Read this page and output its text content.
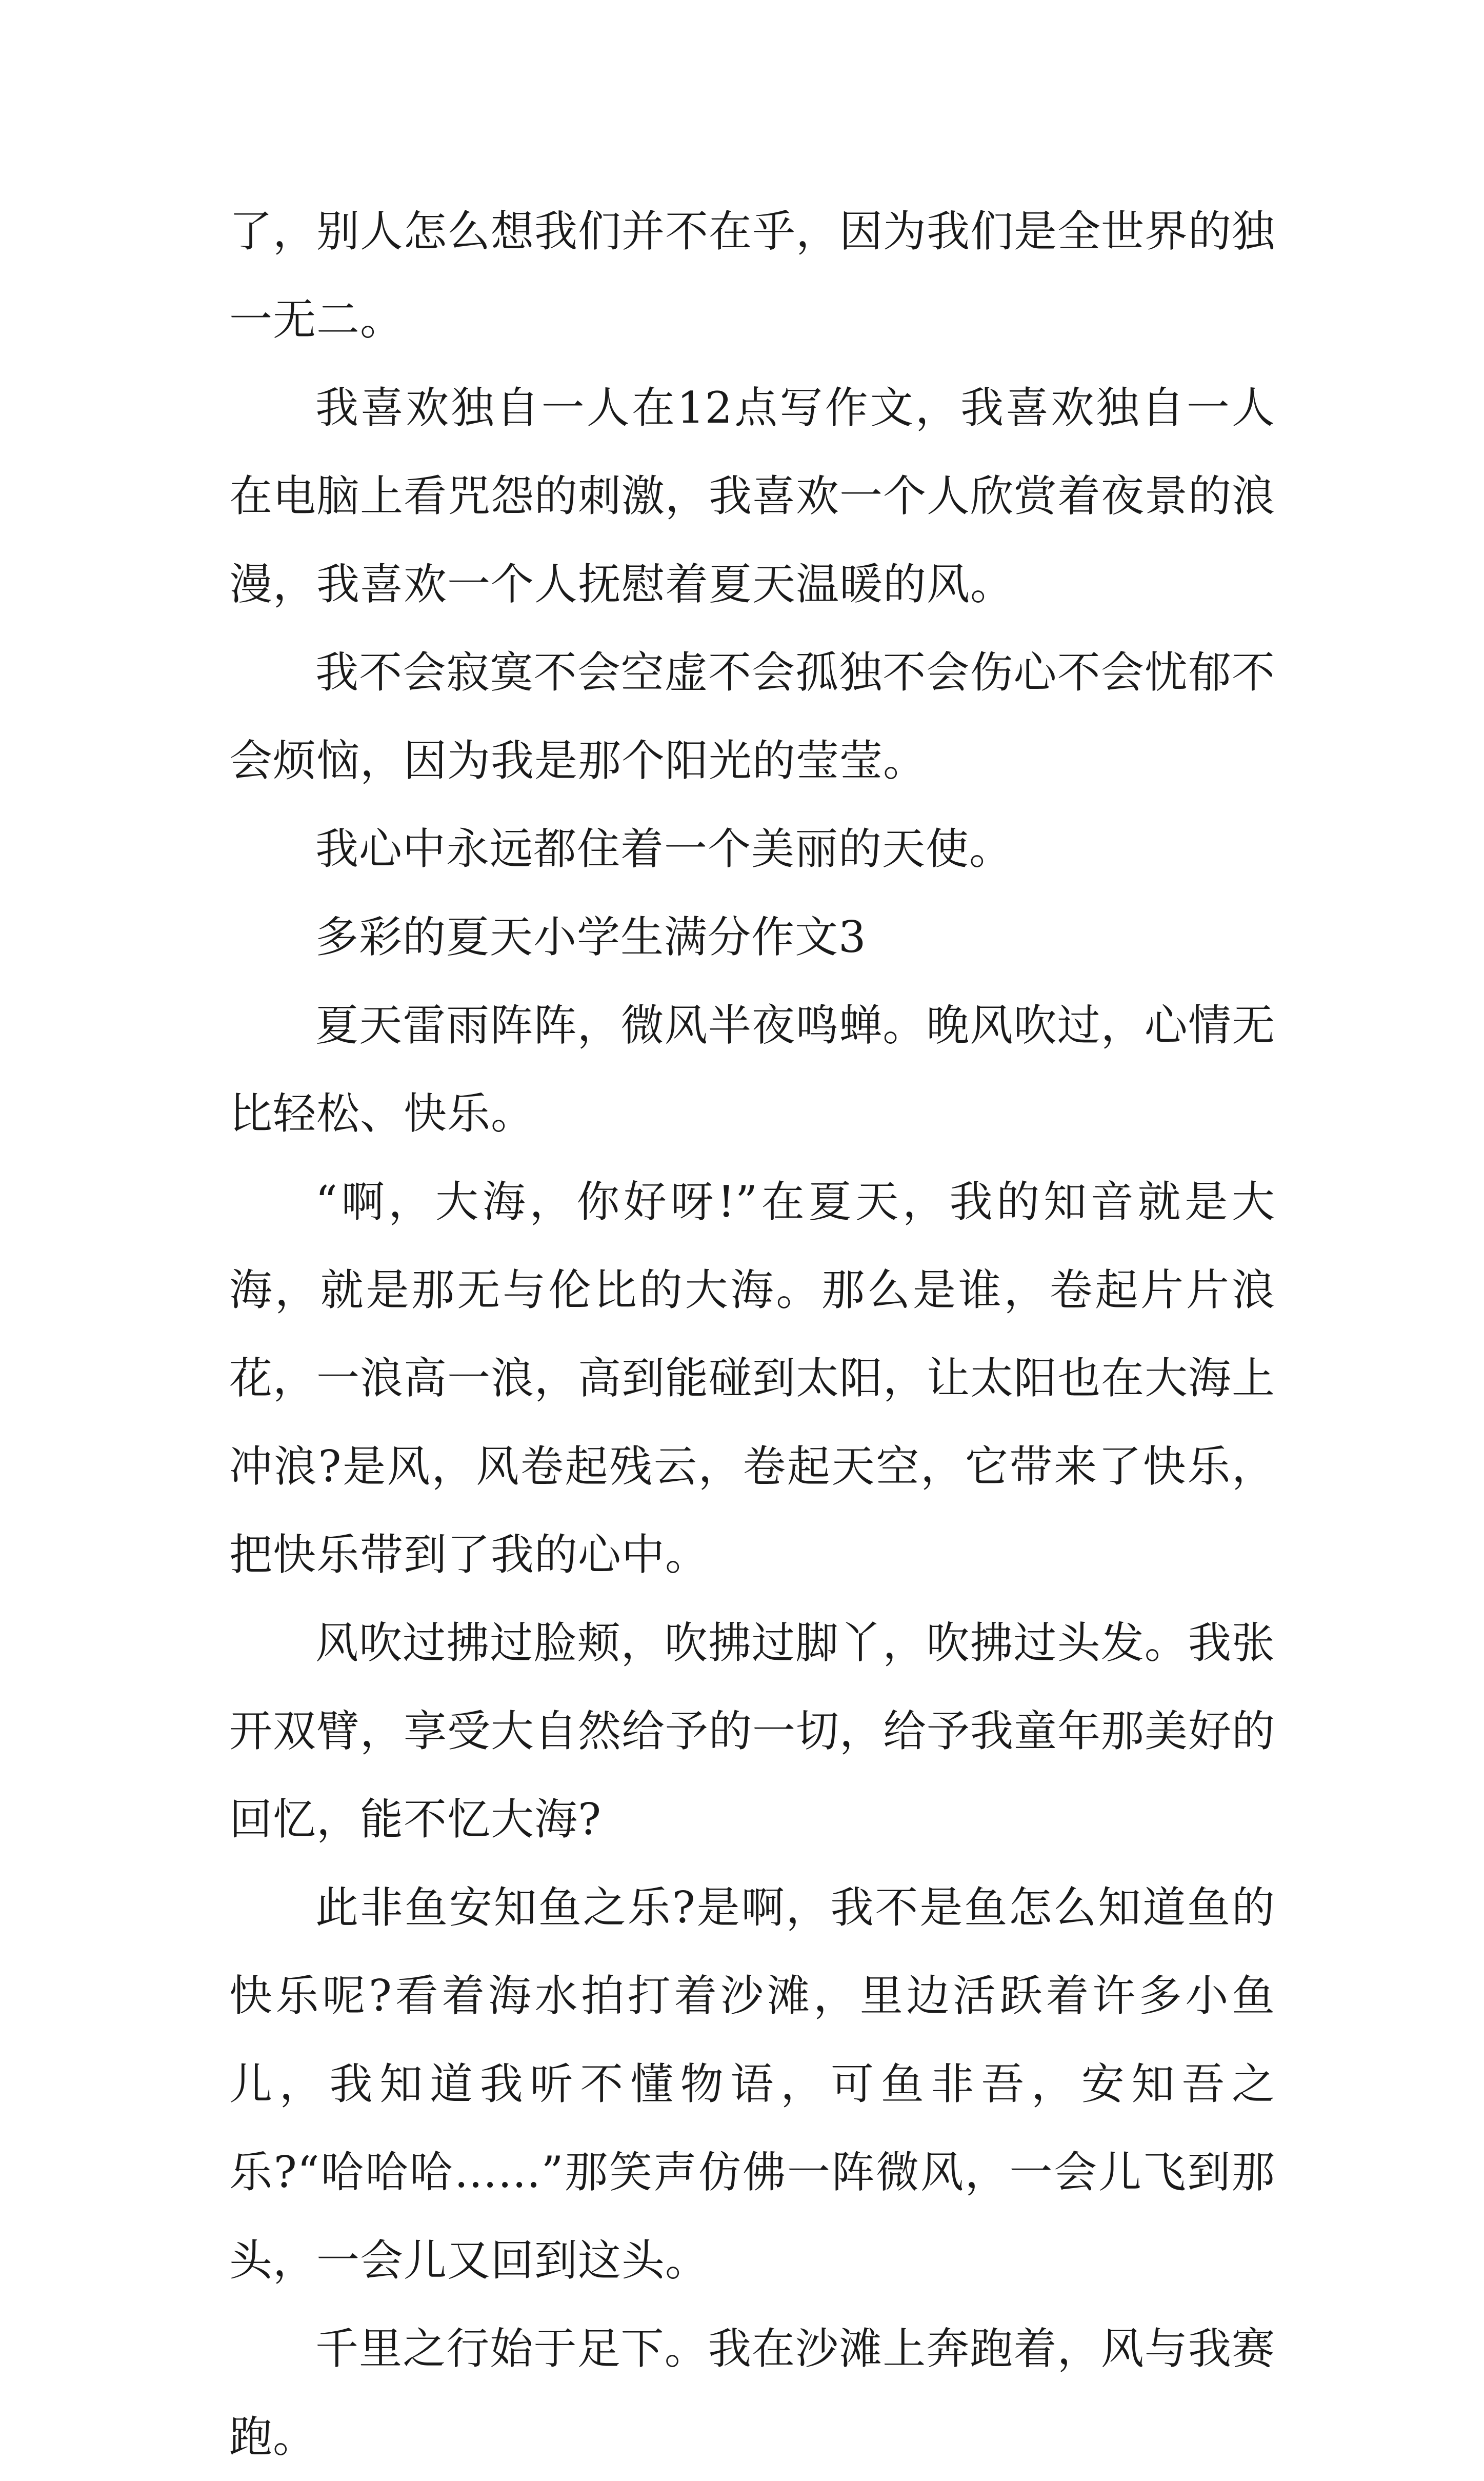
了，别人怎么想我们并不在乎，因为我们是全世界的独一无二。

我喜欢独自一人在12点写作文，我喜欢独自一人在电脑上看咒怨的刺激，我喜欢一个人欣赏着夜景的浪漫，我喜欢一个人抚慰着夏天温暖的风。

我不会寂寞不会空虚不会孤独不会伤心不会忧郁不会烦恼，因为我是那个阳光的莹莹。

我心中永远都住着一个美丽的天使。

多彩的夏天小学生满分作文3

夏天雷雨阵阵，微风半夜鸣蝉。晚风吹过，心情无比轻松、快乐。

“啊，大海，你好呀!”在夏天，我的知音就是大海，就是那无与伦比的大海。那么是谁，卷起片片浪花，一浪高一浪，高到能碰到太阳，让太阳也在大海上冲浪?是风，风卷起残云，卷起天空，它带来了快乐，把快乐带到了我的心中。

风吹过拂过脸颊，吹拂过脚丫，吹拂过头发。我张开双臂，享受大自然给予的一切，给予我童年那美好的回忆，能不忆大海?

此非鱼安知鱼之乐?是啊，我不是鱼怎么知道鱼的快乐呢?看着海水拍打着沙滩，里边活跃着许多小鱼儿，我知道我听不懂物语，可鱼非吾，安知吾之乐?“哈哈哈……”那笑声仿佛一阵微风，一会儿飞到那头，一会儿又回到这头。

千里之行始于足下。我在沙滩上奔跑着，风与我赛跑。
